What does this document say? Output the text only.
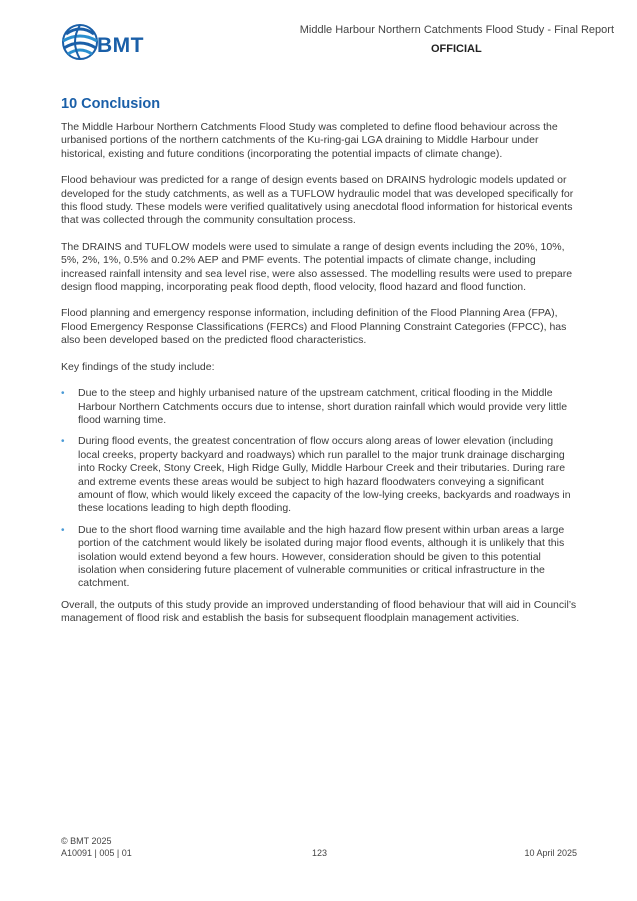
BMT
Middle Harbour Northern Catchments Flood Study - Final Report
OFFICIAL
10 Conclusion

The Middle Harbour Northern Catchments Flood Study was completed to define flood behaviour across the urbanised portions of the northern catchments of the Ku-ring-gai LGA draining to Middle Harbour under historical, existing and future conditions (incorporating the potential impacts of climate change).

Flood behaviour was predicted for a range of design events based on DRAINS hydrologic models updated or developed for the study catchments, as well as a TUFLOW hydraulic model that was developed specifically for this flood study. These models were verified qualitatively using anecdotal flood information for historical events that was collected through the community consultation process.

The DRAINS and TUFLOW models were used to simulate a range of design events including the 20%, 10%, 5%, 2%, 1%, 0.5% and 0.2% AEP and PMF events. The potential impacts of climate change, including increased rainfall intensity and sea level rise, were also assessed. The modelling results were used to prepare design flood mapping, incorporating peak flood depth, flood velocity, flood hazard and flood function.

Flood planning and emergency response information, including definition of the Flood Planning Area (FPA), Flood Emergency Response Classifications (FERCs) and Flood Planning Constraint Categories (FPCC), has also been developed based on the predicted flood characteristics.

Key findings of the study include:

• Due to the steep and highly urbanised nature of the upstream catchment, critical flooding in the Middle Harbour Northern Catchments occurs due to intense, short duration rainfall which would provide very little flood warning time.
• During flood events, the greatest concentration of flow occurs along areas of lower elevation (including local creeks, property backyard and roadways) which run parallel to the major trunk drainage discharging into Rocky Creek, Stony Creek, High Ridge Gully, Middle Harbour Creek and their tributaries. During rare and extreme events these areas would be subject to high hazard floodwaters conveying a significant amount of flow, which would likely exceed the capacity of the low-lying creeks, backyards and roadways in these locations leading to high depth flooding.
• Due to the short flood warning time available and the high hazard flow present within urban areas a large portion of the catchment would likely be isolated during major flood events, although it is unlikely that this isolation would extend beyond a few hours. However, consideration should be given to this potential isolation when considering future placement of vulnerable communities or critical infrastructure in the catchment.

Overall, the outputs of this study provide an improved understanding of flood behaviour that will aid in Council’s management of flood risk and establish the basis for subsequent floodplain management activities.

© BMT 2025
A10091 | 005 | 01	123	10 April 2025
